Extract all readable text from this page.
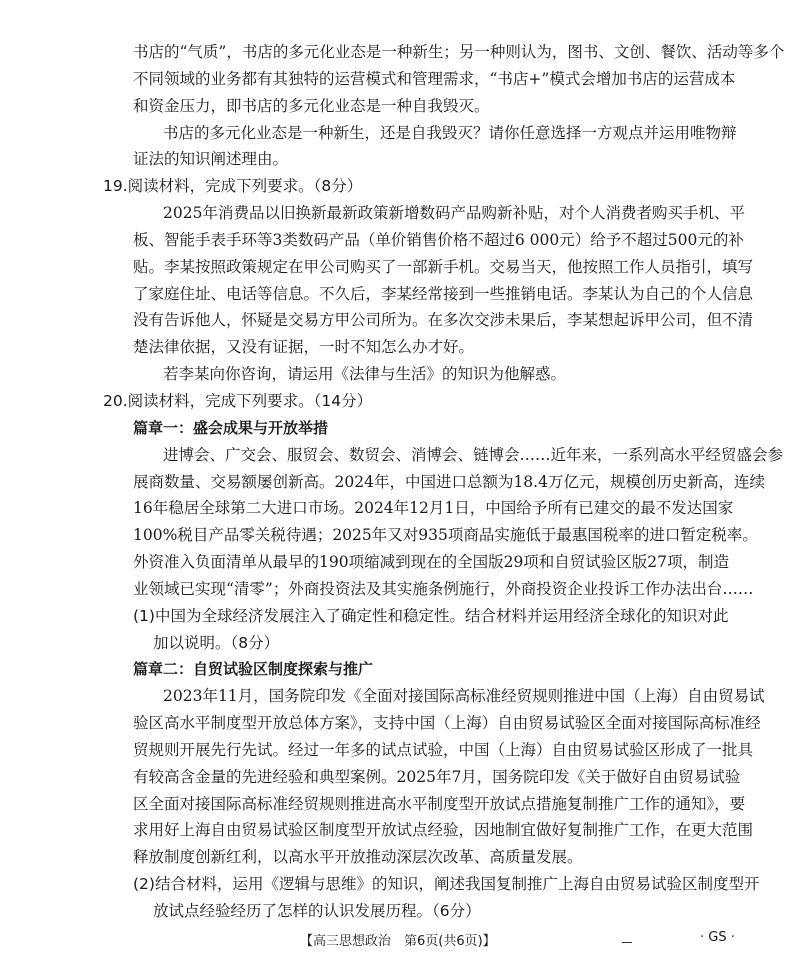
书店的“气质”，书店的多元化业态是一种新生；另一种则认为，图书、文创、餐饮、活动等多个
不同领域的业务都有其独特的运营模式和管理需求，“书店+”模式会增加书店的运营成本
和资金压力，即书店的多元化业态是一种自我毁灭。
书店的多元化业态是一种新生，还是自我毁灭？请你任意选择一方观点并运用唯物辩
证法的知识阐述理由。
19.阅读材料，完成下列要求。（8分）
2025年消费品以旧换新最新政策新增数码产品购新补贴，对个人消费者购买手机、平
板、智能手表手环等3类数码产品（单价销售价格不超过6 000元）给予不超过500元的补
贴。李某按照政策规定在甲公司购买了一部新手机。交易当天，他按照工作人员指引，填写
了家庭住址、电话等信息。不久后，李某经常接到一些推销电话。李某认为自己的个人信息
没有告诉他人，怀疑是交易方甲公司所为。在多次交涉未果后，李某想起诉甲公司，但不清
楚法律依据，又没有证据，一时不知怎么办才好。
若李某向你咨询，请运用《法律与生活》的知识为他解惑。
20.阅读材料，完成下列要求。（14分）
篇章一：盛会成果与开放举措
进博会、广交会、服贸会、数贸会、消博会、链博会……近年来，一系列高水平经贸盛会参
展商数量、交易额屡创新高。2024年，中国进口总额为18.4万亿元，规模创历史新高，连续
16年稳居全球第二大进口市场。2024年12月1日，中国给予所有已建交的最不发达国家
100%税目产品零关税待遇；2025年又对935项商品实施低于最惠国税率的进口暂定税率。
外资准入负面清单从最早的190项缩减到现在的全国版29项和自贸试验区版27项，制造
业领域已实现“清零”；外商投资法及其实施条例施行，外商投资企业投诉工作办法出台……
(1)中国为全球经济发展注入了确定性和稳定性。结合材料并运用经济全球化的知识对此
加以说明。（8分）
篇章二：自贸试验区制度探索与推广
2023年11月，国务院印发《全面对接国际高标准经贸规则推进中国（上海）自由贸易试
验区高水平制度型开放总体方案》，支持中国（上海）自由贸易试验区全面对接国际高标准经
贸规则开展先行先试。经过一年多的试点试验，中国（上海）自由贸易试验区形成了一批具
有较高含金量的先进经验和典型案例。2025年7月，国务院印发《关于做好自由贸易试验
区全面对接国际高标准经贸规则推进高水平制度型开放试点措施复制推广工作的通知》，要
求用好上海自由贸易试验区制度型开放试点经验，因地制宜做好复制推广工作，在更大范围
释放制度创新红利，以高水平开放推动深层次改革、高质量发展。
(2)结合材料，运用《逻辑与思维》的知识，阐述我国复制推广上海自由贸易试验区制度型开
放试点经验经历了怎样的认识发展历程。（6分）
【高三思想政治　第6页(共6页)】	· GS ·
